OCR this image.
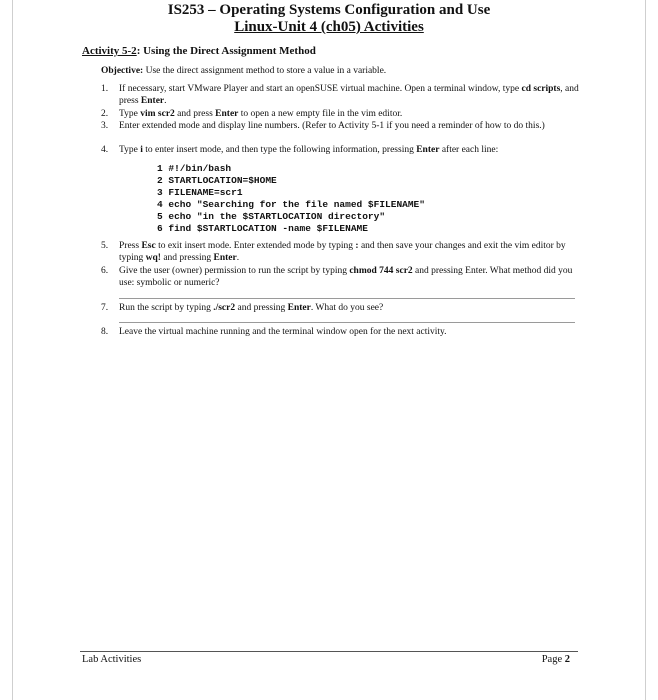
IS253 – Operating Systems Configuration and Use
Linux-Unit 4 (ch05) Activities
Activity 5-2: Using the Direct Assignment Method
Objective: Use the direct assignment method to store a value in a variable.
1. If necessary, start VMware Player and start an openSUSE virtual machine. Open a terminal window, type cd scripts, and press Enter.
2. Type vim scr2 and press Enter to open a new empty file in the vim editor.
3. Enter extended mode and display line numbers. (Refer to Activity 5-1 if you need a reminder of how to do this.)
4. Type i to enter insert mode, and then type the following information, pressing Enter after each line:
1 #!/bin/bash
2 STARTLOCATION=$HOME
3 FILENAME=scr1
4 echo "Searching for the file named $FILENAME"
5 echo "in the $STARTLOCATION directory"
6 find $STARTLOCATION -name $FILENAME
5. Press Esc to exit insert mode. Enter extended mode by typing : and then save your changes and exit the vim editor by typing wq! and pressing Enter.
6. Give the user (owner) permission to run the script by typing chmod 744 scr2 and pressing Enter. What method did you use: symbolic or numeric?
7. Run the script by typing ./scr2 and pressing Enter. What do you see?
8. Leave the virtual machine running and the terminal window open for the next activity.
Lab Activities	Page 2
